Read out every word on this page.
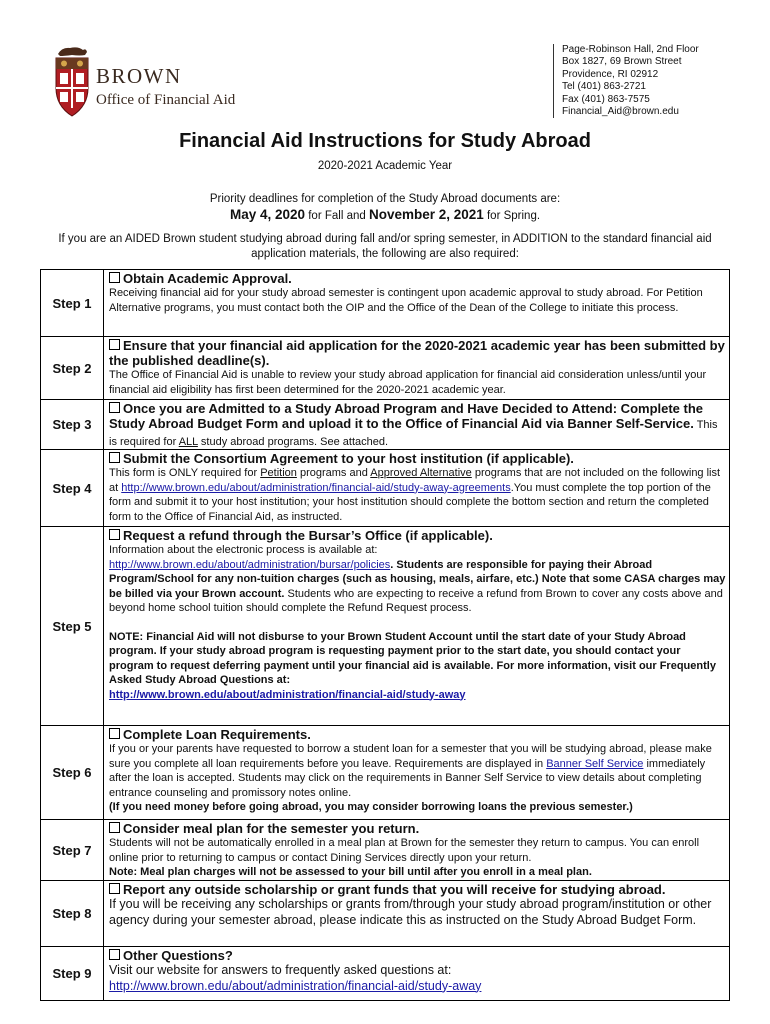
BROWN
Office of Financial Aid
Page-Robinson Hall, 2nd Floor
Box 1827, 69 Brown Street
Providence, RI 02912
Tel (401) 863-2721
Fax (401) 863-7575
Financial_Aid@brown.edu
Financial Aid Instructions for Study Abroad
2020-2021 Academic Year
Priority deadlines for completion of the Study Abroad documents are:
May 4, 2020 for Fall and November 2, 2021 for Spring.
If you are an AIDED Brown student studying abroad during fall and/or spring semester, in ADDITION to the standard financial aid application materials, the following are also required:
Step 1	Obtain Academic Approval.
Receiving financial aid for your study abroad semester is contingent upon academic approval to study abroad. For Petition Alternative programs, you must contact both the OIP and the Office of the Dean of the College to initiate this process.

Step 2	Ensure that your financial aid application for the 2020-2021 academic year has been submitted by the published deadline(s).
The Office of Financial Aid is unable to review your study abroad application for financial aid consideration unless/until your financial aid eligibility has first been determined for the 2020-2021 academic year.

Step 3	Once you are Admitted to a Study Abroad Program and Have Decided to Attend: Complete the Study Abroad Budget Form and upload it to the Office of Financial Aid via Banner Self-Service. This is required for ALL study abroad programs. See attached.

Step 4	Submit the Consortium Agreement to your host institution (if applicable).
This form is ONLY required for Petition programs and Approved Alternative programs that are not included on the following list at http://www.brown.edu/about/administration/financial-aid/study-away-agreements.You must complete the top portion of the form and submit it to your host institution; your host institution should complete the bottom section and return the completed form to the Office of Financial Aid, as instructed.

Step 5	Request a refund through the Bursar’s Office (if applicable).
Information about the electronic process is available at:
http://www.brown.edu/about/administration/bursar/policies. Students are responsible for paying their Abroad Program/School for any non-tuition charges (such as housing, meals, airfare, etc.) Note that some CASA charges may be billed via your Brown account. Students who are expecting to receive a refund from Brown to cover any costs above and beyond home school tuition should complete the Refund Request process.
NOTE: Financial Aid will not disburse to your Brown Student Account until the start date of your Study Abroad program. If your study abroad program is requesting payment prior to the start date, you should contact your program to request deferring payment until your financial aid is available. For more information, visit our Frequently Asked Study Abroad Questions at:
http://www.brown.edu/about/administration/financial-aid/study-away

Step 6	Complete Loan Requirements.
If you or your parents have requested to borrow a student loan for a semester that you will be studying abroad, please make sure you complete all loan requirements before you leave. Requirements are displayed in Banner Self Service immediately after the loan is accepted. Students may click on the requirements in Banner Self Service to view details about completing entrance counseling and promissory notes online.
(If you need money before going abroad, you may consider borrowing loans the previous semester.)

Step 7	Consider meal plan for the semester you return.
Students will not be automatically enrolled in a meal plan at Brown for the semester they return to campus. You can enroll online prior to returning to campus or contact Dining Services directly upon your return.
Note: Meal plan charges will not be assessed to your bill until after you enroll in a meal plan.

Step 8	Report any outside scholarship or grant funds that you will receive for studying abroad.
If you will be receiving any scholarships or grants from/through your study abroad program/institution or other agency during your semester abroad, please indicate this as instructed on the Study Abroad Budget Form.

Step 9	Other Questions?
Visit our website for answers to frequently asked questions at:
http://www.brown.edu/about/administration/financial-aid/study-away
